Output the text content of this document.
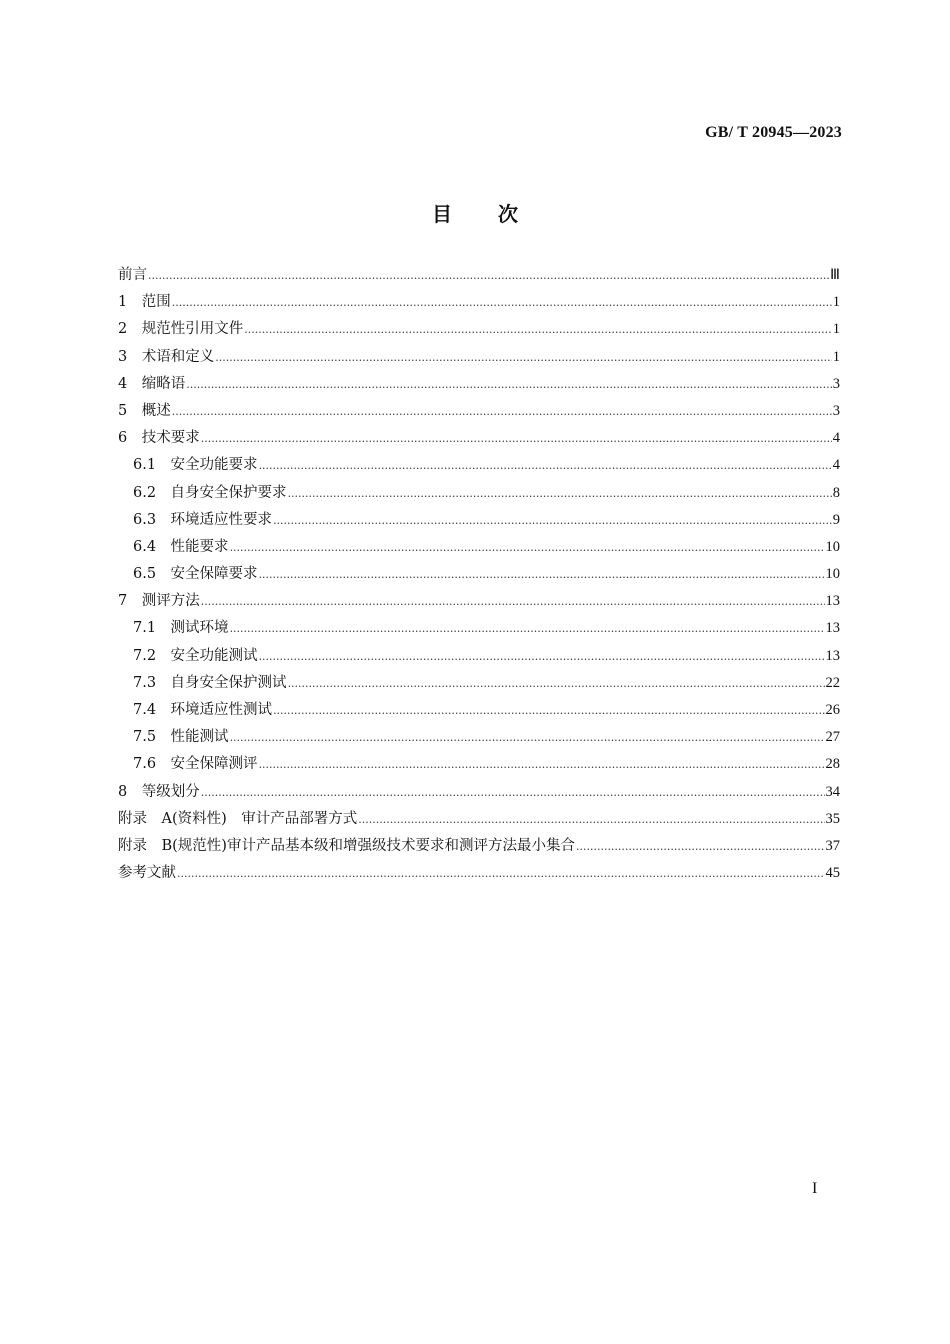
GB/ T 20945—2023
目次
前言 .....	Ⅲ
1　范围 .....	1
2　规范性引用文件 .....	1
3　术语和定义 .....	1
4　缩略语 .....	3
5　概述 .....	3
6　技术要求 .....	4
6.1　安全功能要求 .....	4
6.2　自身安全保护要求 .....	8
6.3　环境适应性要求 .....	9
6.4　性能要求 .....	10
6.5　安全保障要求 .....	10
7　测评方法 .....	13
7.1　测试环境 .....	13
7.2　安全功能测试 .....	13
7.3　自身安全保护测试 .....	22
7.4　环境适应性测试 .....	26
7.5　性能测试 .....	27
7.6　安全保障测评 .....	28
8　等级划分 .....	34
附录　A(资料性)　审计产品部署方式 .....	35
附录　B(规范性)审计产品基本级和增强级技术要求和测评方法最小集合 .....	37
参考文献 .....	45
I
